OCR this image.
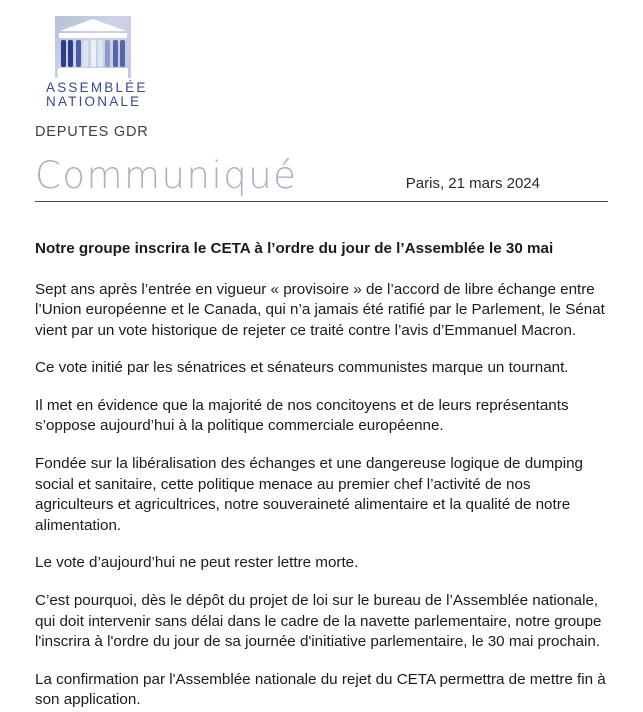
ASSEMBLÉE
NATIONALE
DEPUTES GDR
Communiqué	Paris, 21 mars 2024
Notre groupe inscrira le CETA à l’ordre du jour de l’Assemblée le 30 mai

Sept ans après l’entrée en vigueur « provisoire » de l’accord de libre échange entre l’Union européenne et le Canada, qui n’a jamais été ratifié par le Parlement, le Sénat vient par un vote historique de rejeter ce traité contre l’avis d’Emmanuel Macron.

Ce vote initié par les sénatrices et sénateurs communistes marque un tournant.

Il met en évidence que la majorité de nos concitoyens et de leurs représentants s’oppose aujourd’hui à la politique commerciale européenne.

Fondée sur la libéralisation des échanges et une dangereuse logique de dumping social et sanitaire, cette politique menace au premier chef l’activité de nos agriculteurs et agricultrices, notre souveraineté alimentaire et la qualité de notre alimentation.

Le vote d’aujourd’hui ne peut rester lettre morte.

C’est pourquoi, dès le dépôt du projet de loi sur le bureau de l’Assemblée nationale, qui doit intervenir sans délai dans le cadre de la navette parlementaire, notre groupe l'inscrira à l'ordre du jour de sa journée d'initiative parlementaire, le 30 mai prochain.

La confirmation par l'Assemblée nationale du rejet du CETA permettra de mettre fin à son application.
